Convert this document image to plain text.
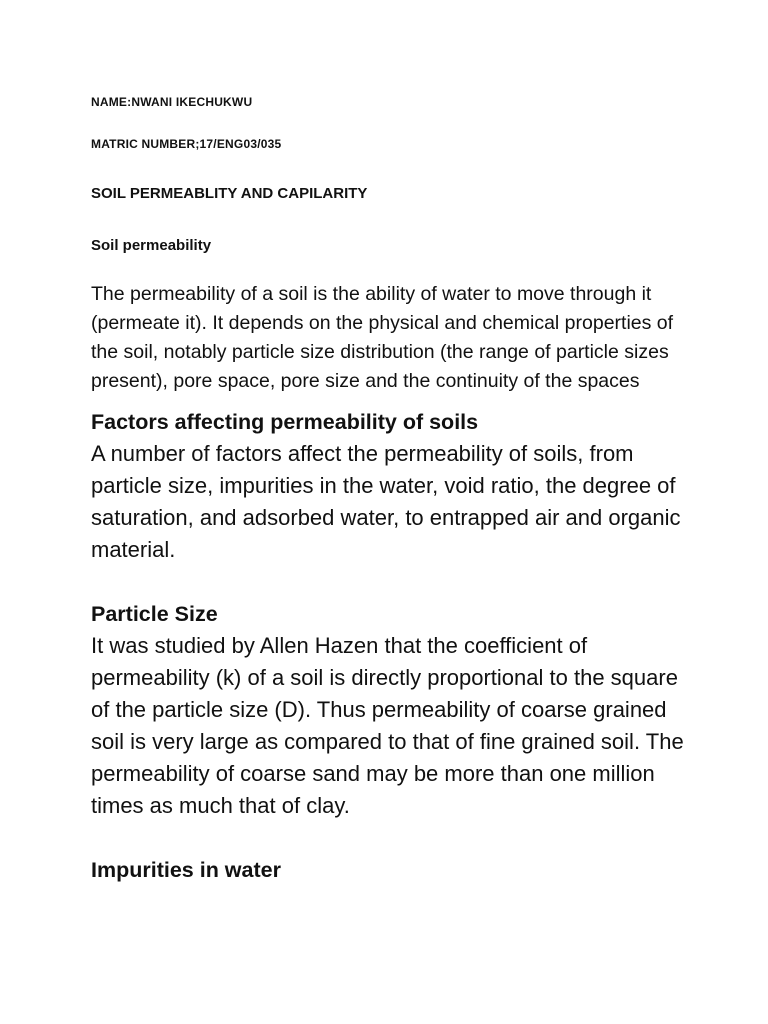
NAME:NWANI IKECHUKWU

MATRIC NUMBER;17/ENG03/035

SOIL PERMEABLITY AND CAPILARITY

Soil permeability

The permeability of a soil is the ability of water to move through it (permeate it). It depends on the physical and chemical properties of the soil, notably particle size distribution (the range of particle sizes present), pore space, pore size and the continuity of the spaces

Factors affecting permeability of soils

A number of factors affect the permeability of soils, from particle size, impurities in the water, void ratio, the degree of saturation, and adsorbed water, to entrapped air and organic material.

Particle Size

It was studied by Allen Hazen that the coefficient of permeability (k) of a soil is directly proportional to the square of the particle size (D). Thus permeability of coarse grained soil is very large as compared to that of fine grained soil. The permeability of coarse sand may be more than one million times as much that of clay.

Impurities in water
